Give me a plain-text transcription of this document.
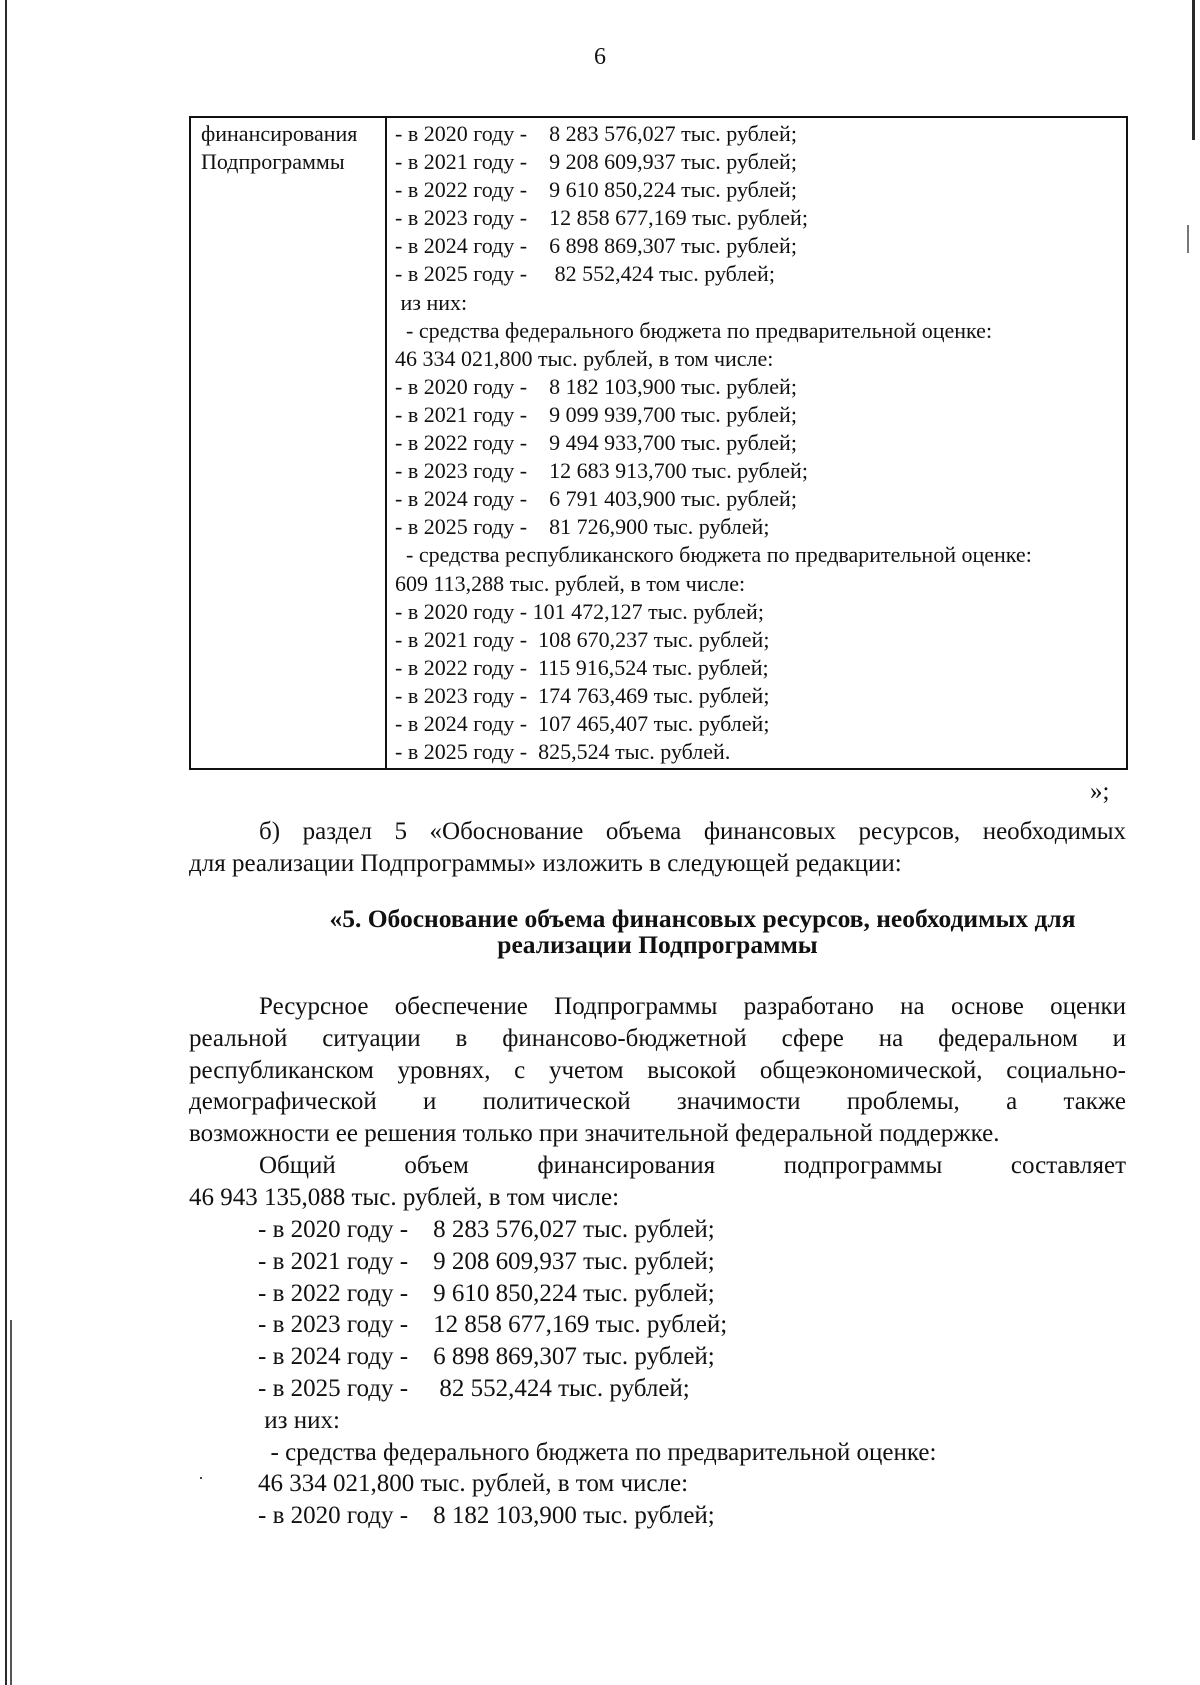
6
финансирования
Подпрограммы

- в 2020 году -    8 283 576,027 тыс. рублей;
- в 2021 году -    9 208 609,937 тыс. рублей;
- в 2022 году -    9 610 850,224 тыс. рублей;
- в 2023 году -    12 858 677,169 тыс. рублей;
- в 2024 году -    6 898 869,307 тыс. рублей;
- в 2025 году -     82 552,424 тыс. рублей;
из них:
- средства федерального бюджета по предварительной оценке:
46 334 021,800 тыс. рублей, в том числе:
- в 2020 году -    8 182 103,900 тыс. рублей;
- в 2021 году -    9 099 939,700 тыс. рублей;
- в 2022 году -    9 494 933,700 тыс. рублей;
- в 2023 году -    12 683 913,700 тыс. рублей;
- в 2024 году -    6 791 403,900 тыс. рублей;
- в 2025 году -    81 726,900 тыс. рублей;
- средства республиканского бюджета по предварительной оценке:
609 113,288 тыс. рублей, в том числе:
- в 2020 году - 101 472,127 тыс. рублей;
- в 2021 году -  108 670,237 тыс. рублей;
- в 2022 году -  115 916,524 тыс. рублей;
- в 2023 году -  174 763,469 тыс. рублей;
- в 2024 году -  107 465,407 тыс. рублей;
- в 2025 году -  825,524 тыс. рублей.
»;
б) раздел 5 «Обоснование объема финансовых ресурсов, необходимых
для реализации Подпрограммы» изложить в следующей редакции:
«5. Обоснование объема финансовых ресурсов, необходимых для
реализации Подпрограммы
Ресурсное обеспечение Подпрограммы разработано на основе оценки
реальной ситуации в финансово-бюджетной сфере на федеральном и
республиканском уровнях, с учетом высокой общеэкономической, социально-
демографической и политической значимости проблемы, а также
возможности ее решения только при значительной федеральной поддержке.
Общий объем финансирования подпрограммы составляет
46 943 135,088 тыс. рублей, в том числе:
- в 2020 году -    8 283 576,027 тыс. рублей;
- в 2021 году -    9 208 609,937 тыс. рублей;
- в 2022 году -    9 610 850,224 тыс. рублей;
- в 2023 году -    12 858 677,169 тыс. рублей;
- в 2024 году -    6 898 869,307 тыс. рублей;
- в 2025 году -     82 552,424 тыс. рублей;
из них:
- средства федерального бюджета по предварительной оценке:
46 334 021,800 тыс. рублей, в том числе:
- в 2020 году -    8 182 103,900 тыс. рублей;
